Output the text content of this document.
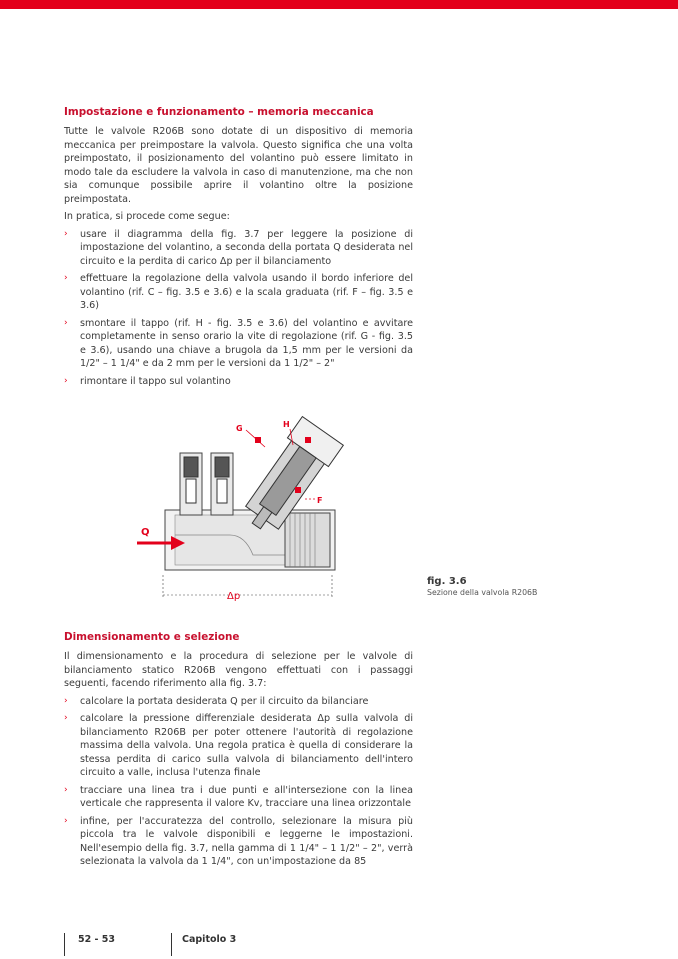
Impostazione e funzionamento – memoria meccanica

Tutte le valvole R206B sono dotate di un dispositivo di memoria meccanica per preimpostare la valvola. Questo significa che una volta preimpostato, il posizionamento del volantino può essere limitato in modo tale da escludere la valvola in caso di manutenzione, ma che non sia comunque possibile aprire il volantino oltre la posizione preimpostata.

In pratica, si procede come segue:

› usare il diagramma della fig. 3.7 per leggere la posizione di impostazione del volantino, a seconda della portata Q desiderata nel circuito e la perdita di carico Δp per il bilanciamento
› effettuare la regolazione della valvola usando il bordo inferiore del volantino (rif. C – fig. 3.5 e 3.6) e la scala graduata (rif. F – fig. 3.5 e 3.6)
› smontare il tappo (rif. H - fig. 3.5 e 3.6) del volantino e avvitare completamente in senso orario la vite di regolazione (rif. G - fig. 3.5 e 3.6), usando una chiave a brugola da 1,5 mm per le versioni da 1/2" – 1 1/4" e da 2 mm per le versioni da 1 1/2" – 2"
› rimontare il tappo sul volantino
G	H
F
Q
Δp
fig. 3.6
Sezione della valvola R206B
Dimensionamento e selezione

Il dimensionamento e la procedura di selezione per le valvole di bilanciamento statico R206B vengono effettuati con i passaggi seguenti, facendo riferimento alla fig. 3.7:

› calcolare la portata desiderata Q per il circuito da bilanciare
› calcolare la pressione differenziale desiderata Δp sulla valvola di bilanciamento R206B per poter ottenere l'autorità di regolazione massima della valvola. Una regola pratica è quella di considerare la stessa perdita di carico sulla valvola di bilanciamento dell'intero circuito a valle, inclusa l'utenza finale
› tracciare una linea tra i due punti e all'intersezione con la linea verticale che rappresenta il valore Kv, tracciare una linea orizzontale
› infine, per l'accuratezza del controllo, selezionare la misura più piccola tra le valvole disponibili e leggerne le impostazioni. Nell'esempio della fig. 3.7, nella gamma di 1 1/4" – 1 1/2" – 2", verrà selezionata la valvola da 1 1/4", con un'impostazione da 85
52 - 53	Capitolo 3
